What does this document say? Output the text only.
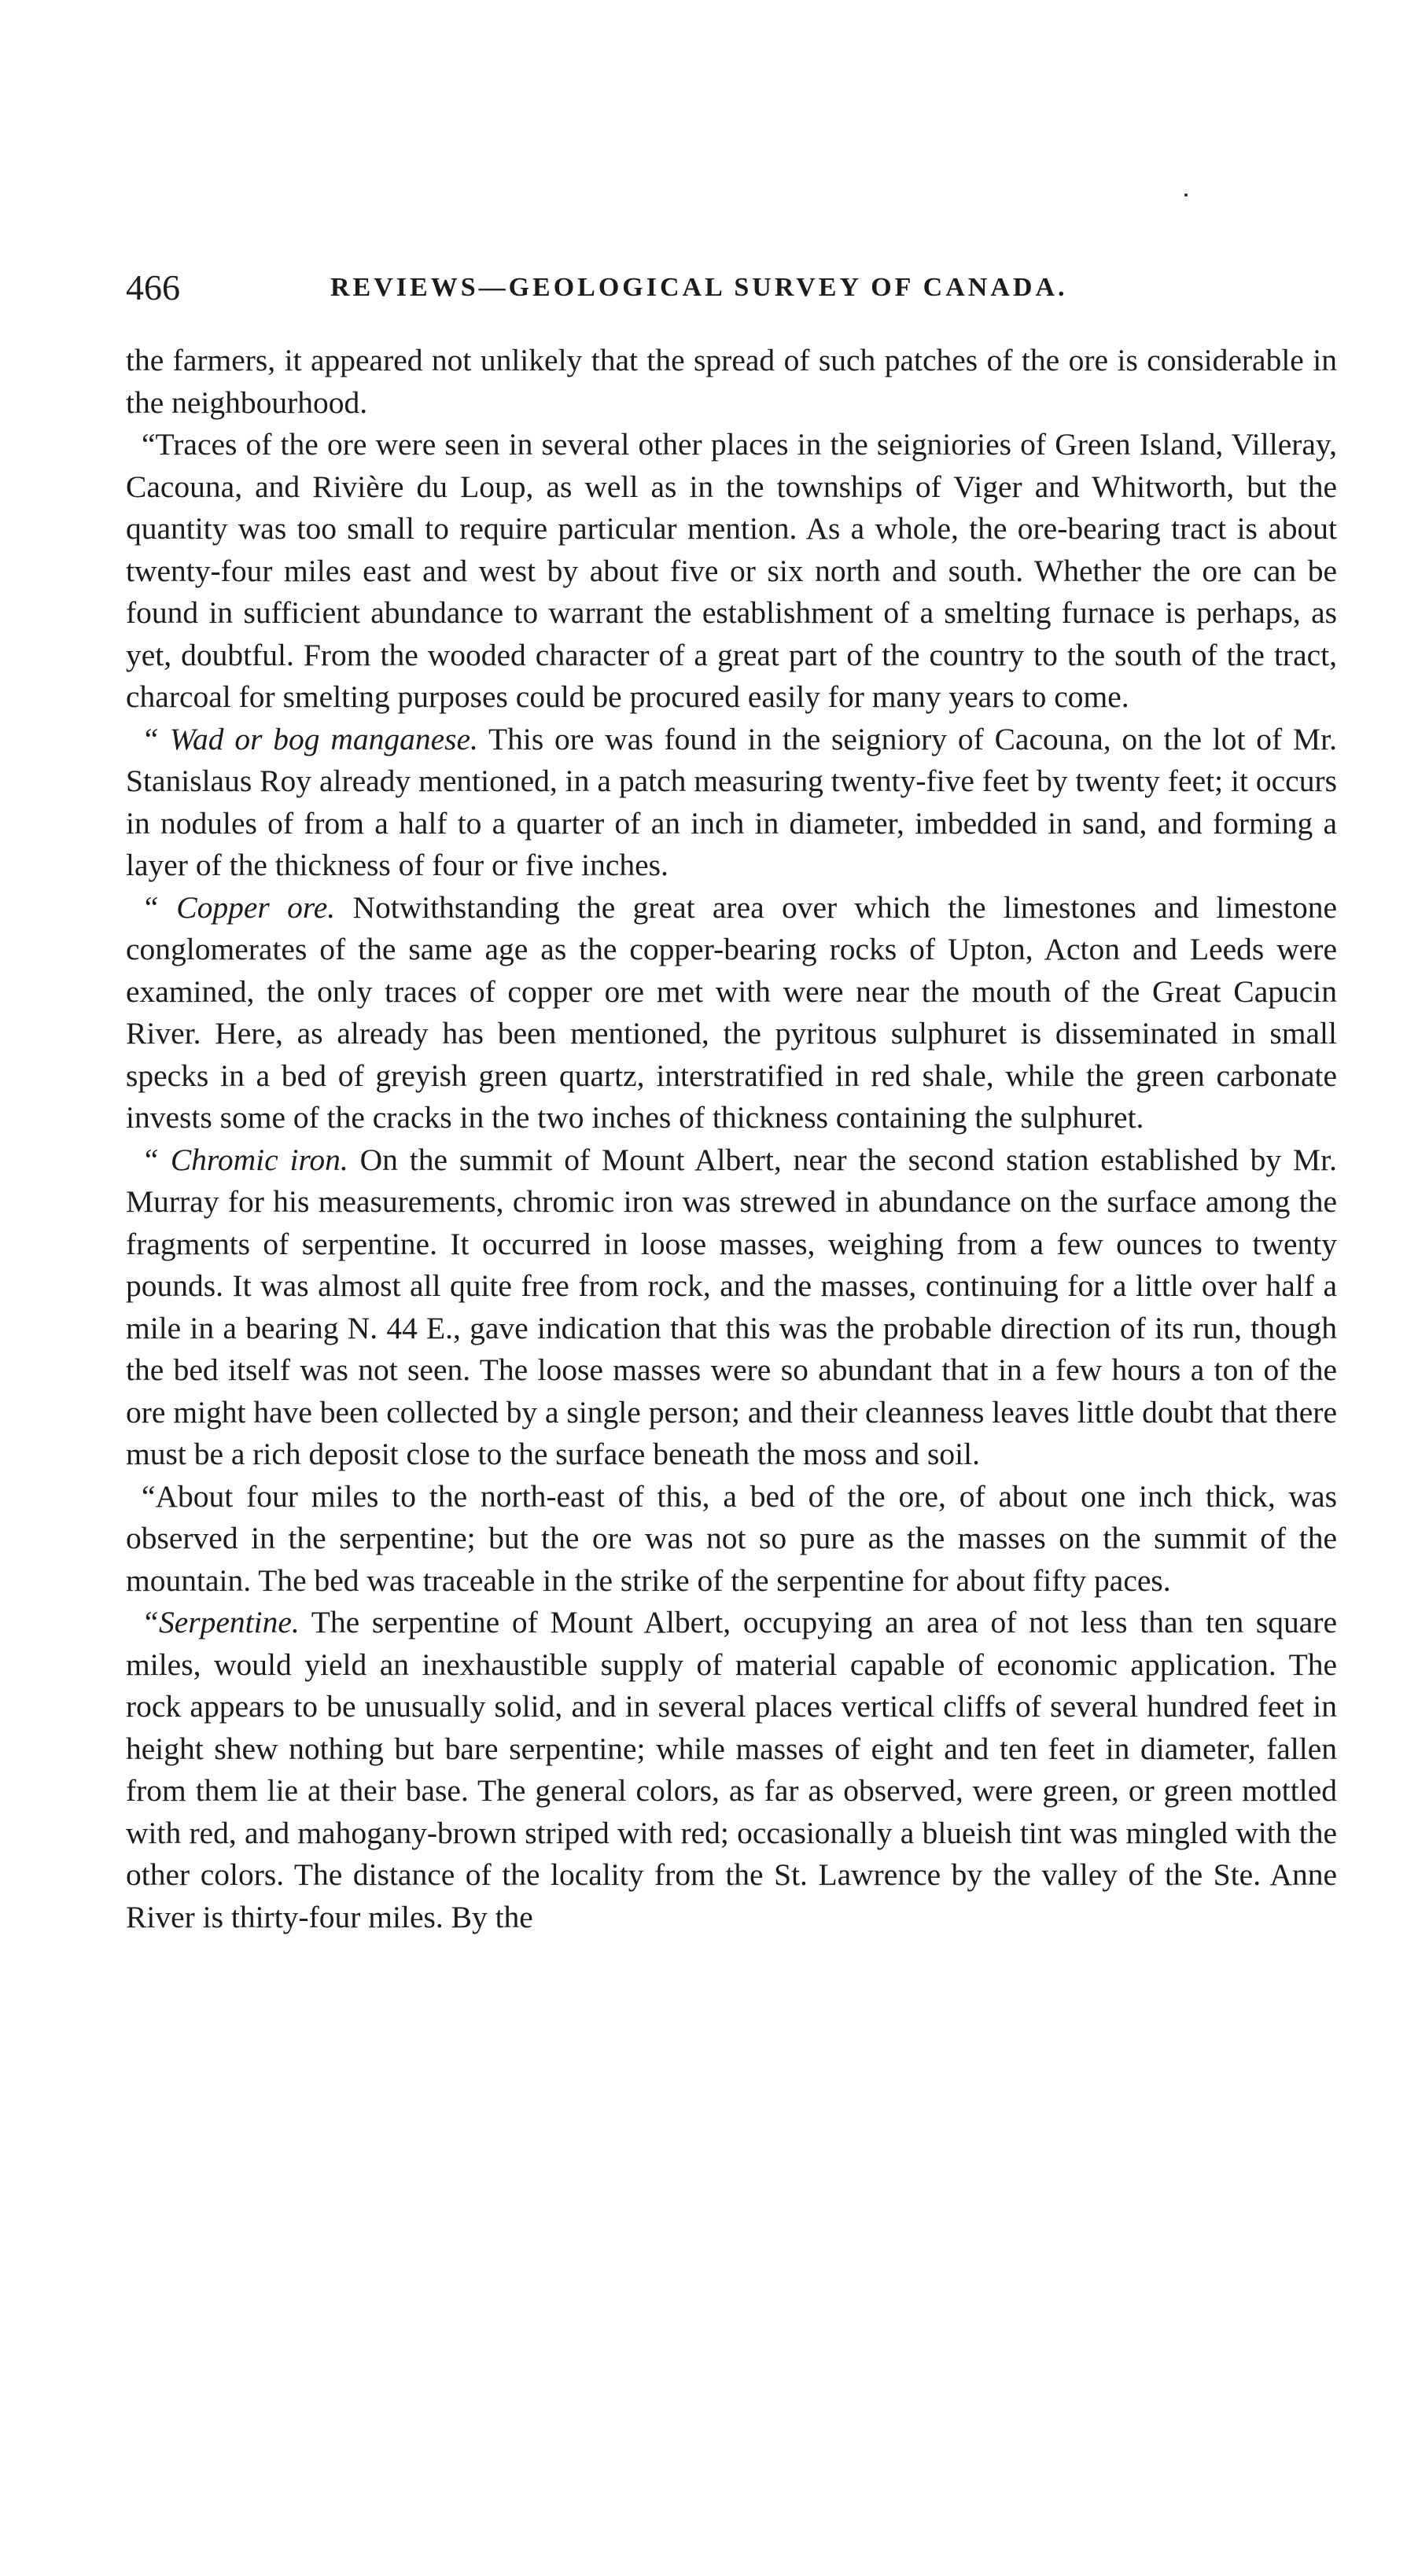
466	REVIEWS—GEOLOGICAL SURVEY OF CANADA.

the farmers, it appeared not unlikely that the spread of such patches of the ore is considerable in the neighbourhood.

“Traces of the ore were seen in several other places in the seigniories of Green Island, Villeray, Cacouna, and Rivière du Loup, as well as in the townships of Viger and Whitworth, but the quantity was too small to require particular mention. As a whole, the ore-bearing tract is about twenty-four miles east and west by about five or six north and south. Whether the ore can be found in sufficient abundance to warrant the establishment of a smelting furnace is perhaps, as yet, doubtful. From the wooded character of a great part of the country to the south of the tract, charcoal for smelting purposes could be procured easily for many years to come.

“ Wad or bog manganese. This ore was found in the seigniory of Cacouna, on the lot of Mr. Stanislaus Roy already mentioned, in a patch measuring twenty-five feet by twenty feet; it occurs in nodules of from a half to a quarter of an inch in diameter, imbedded in sand, and forming a layer of the thickness of four or five inches.

“ Copper ore. Notwithstanding the great area over which the limestones and limestone conglomerates of the same age as the copper-bearing rocks of Upton, Acton and Leeds were examined, the only traces of copper ore met with were near the mouth of the Great Capucin River. Here, as already has been mentioned, the pyritous sulphuret is disseminated in small specks in a bed of greyish green quartz, interstratified in red shale, while the green carbonate invests some of the cracks in the two inches of thickness containing the sulphuret.

“ Chromic iron. On the summit of Mount Albert, near the second station established by Mr. Murray for his measurements, chromic iron was strewed in abundance on the surface among the fragments of serpentine. It occurred in loose masses, weighing from a few ounces to twenty pounds. It was almost all quite free from rock, and the masses, continuing for a little over half a mile in a bearing N. 44 E., gave indication that this was the probable direction of its run, though the bed itself was not seen. The loose masses were so abundant that in a few hours a ton of the ore might have been collected by a single person; and their cleanness leaves little doubt that there must be a rich deposit close to the surface beneath the moss and soil.

“About four miles to the north-east of this, a bed of the ore, of about one inch thick, was observed in the serpentine; but the ore was not so pure as the masses on the summit of the mountain. The bed was traceable in the strike of the serpentine for about fifty paces.

“Serpentine. The serpentine of Mount Albert, occupying an area of not less than ten square miles, would yield an inexhaustible supply of material capable of economic application. The rock appears to be unusually solid, and in several places vertical cliffs of several hundred feet in height shew nothing but bare serpentine; while masses of eight and ten feet in diameter, fallen from them lie at their base. The general colors, as far as observed, were green, or green mottled with red, and mahogany-brown striped with red; occasionally a blueish tint was mingled with the other colors. The distance of the locality from the St. Lawrence by the valley of the Ste. Anne River is thirty-four miles. By the
